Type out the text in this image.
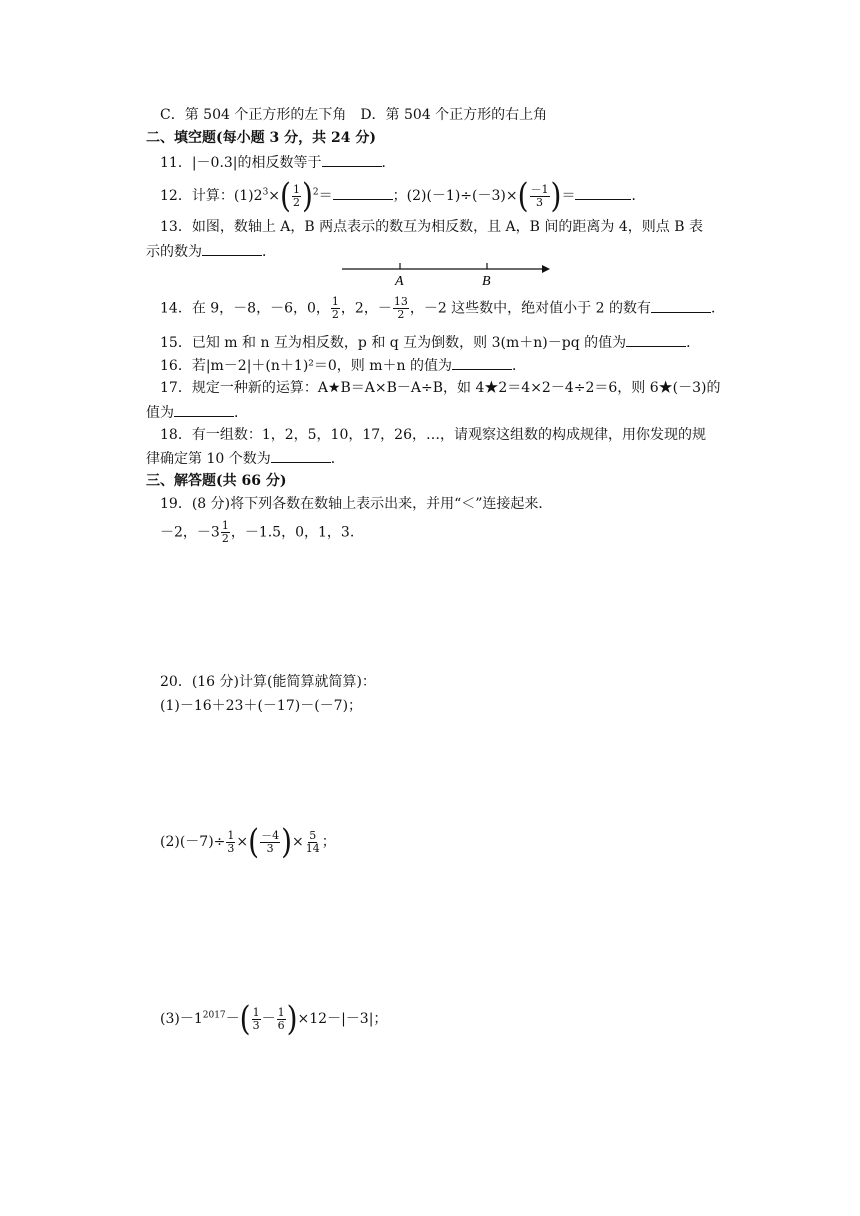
C．第 504 个正方形的左下角　D．第 504 个正方形的右上角
二、填空题(每小题 3 分，共 24 分)
11．|－0.3|的相反数等于	．
12．计算：$(1)2^3\times( \frac{1}{2} )^2=$	；$(2)(-1)\div(-3)\times( \frac{-1}{3}$ )＝	．
13．如图，数轴上 A，B 两点表示的数互为相反数，且 A，B 间的距离为 4，则点 B 表
示的数为	．
A	B
14．在 9，－8，－6，0， $\frac{1}{2}$ ，2，－ $\frac{13}{2}$ ，－2 这些数中，绝对值小于 2 的数有	．
15．已知 m 和 n 互为相反数，p 和 q 互为倒数，则 3(m＋n)－pq 的值为	．
16．若|m－2|＋(n＋1)²＝0，则 m＋n 的值为	．
17．规定一种新的运算：A★B＝A×B－A÷B，如 4★2＝4×2－4÷2＝6，则 6★(－3)的
值为	．
18．有一组数：1，2，5，10，17，26，…，请观察这组数的构成规律，用你发现的规
律确定第 10 个数为	．
三、解答题(共 66 分)
19．(8 分)将下列各数在数轴上表示出来，并用“＜”连接起来．
－2，$-3 \frac{1}{2}$ ，－1.5，0，1，3.
20．(16 分)计算(能简算就简算)：
(1)－16＋23＋(－17)－(－7)；
$(2)(-7)\div \frac{1}{3}$ ×( $\frac{-4}{3}$ )× $\frac{5}{14}$ ；
$(3)-1^{2017}-( \frac{1}{3} - \frac{1}{6} )\times 12-|-3|$；
